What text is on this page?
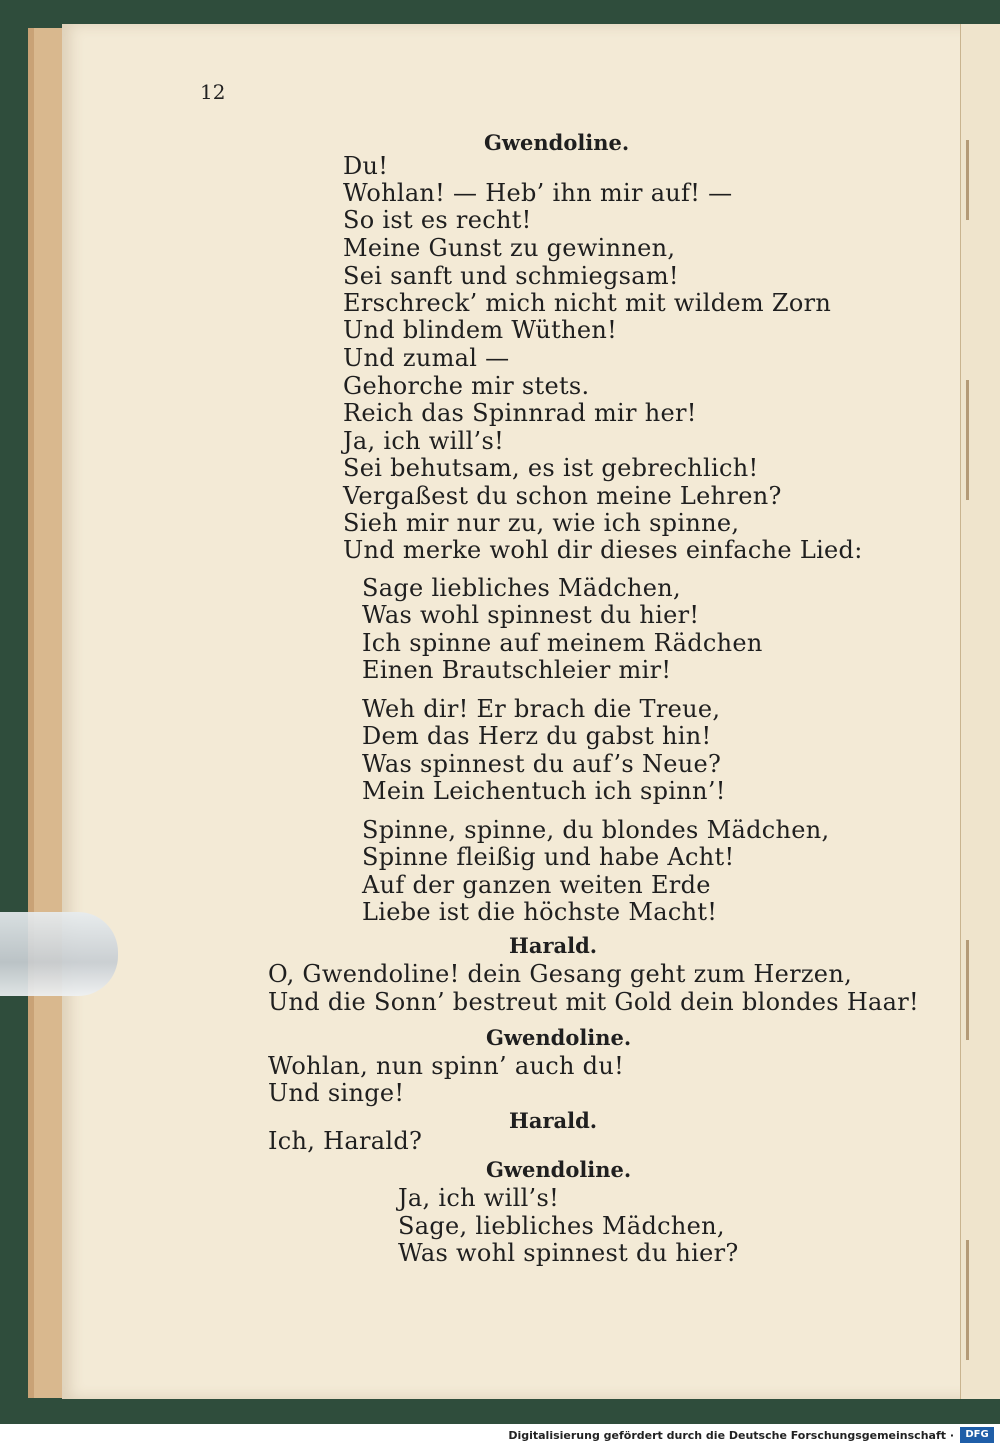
12
Gwendoline.
Du!
Wohlan! — Heb’ ihn mir auf! —
So ist es recht!
Meine Gunst zu gewinnen,
Sei sanft und schmiegsam!
Erschreck’ mich nicht mit wildem Zorn
Und blindem Wüthen!
Und zumal —
Gehorche mir stets.
Reich das Spinnrad mir her!
Ja, ich will’s!
Sei behutsam, es ist gebrechlich!
Vergaßest du schon meine Lehren?
Sieh mir nur zu, wie ich spinne,
Und merke wohl dir dieses einfache Lied:
Sage liebliches Mädchen,
Was wohl spinnest du hier!
Ich spinne auf meinem Rädchen
Einen Brautschleier mir!
Weh dir! Er brach die Treue,
Dem das Herz du gabst hin!
Was spinnest du auf’s Neue?
Mein Leichentuch ich spinn’!
Spinne, spinne, du blondes Mädchen,
Spinne fleißig und habe Acht!
Auf der ganzen weiten Erde
Liebe ist die höchste Macht!
Harald.
O, Gwendoline! dein Gesang geht zum Herzen,
Und die Sonn’ bestreut mit Gold dein blondes Haar!
Gwendoline.
Wohlan, nun spinn’ auch du!
Und singe!
Harald.
Ich, Harald?
Gwendoline.
Ja, ich will’s!
Sage, liebliches Mädchen,
Was wohl spinnest du hier?
Digitalisierung gefördert durch die Deutsche Forschungsgemeinschaft ·	DFG
